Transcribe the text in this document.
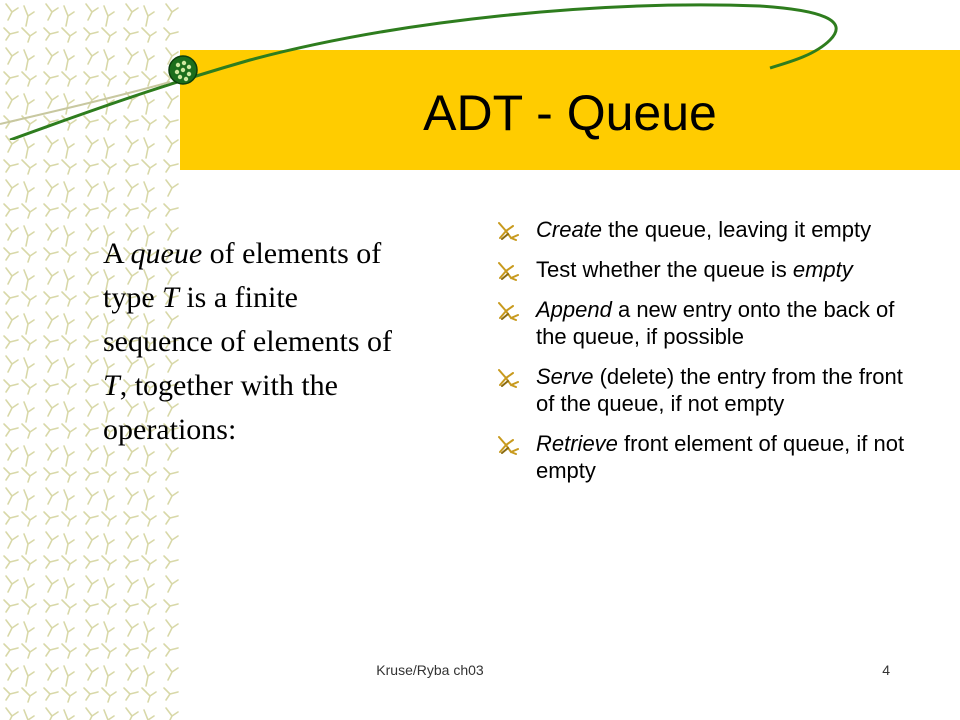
ADT - Queue

A queue of elements of type T is a finite sequence of elements of T, together with the operations:

Create the queue, leaving it empty
Test whether the queue is empty
Append a new entry onto the back of the queue, if possible
Serve (delete) the entry from the front of the queue, if not empty
Retrieve front element of queue, if not empty
Kruse/Ryba ch03	4
